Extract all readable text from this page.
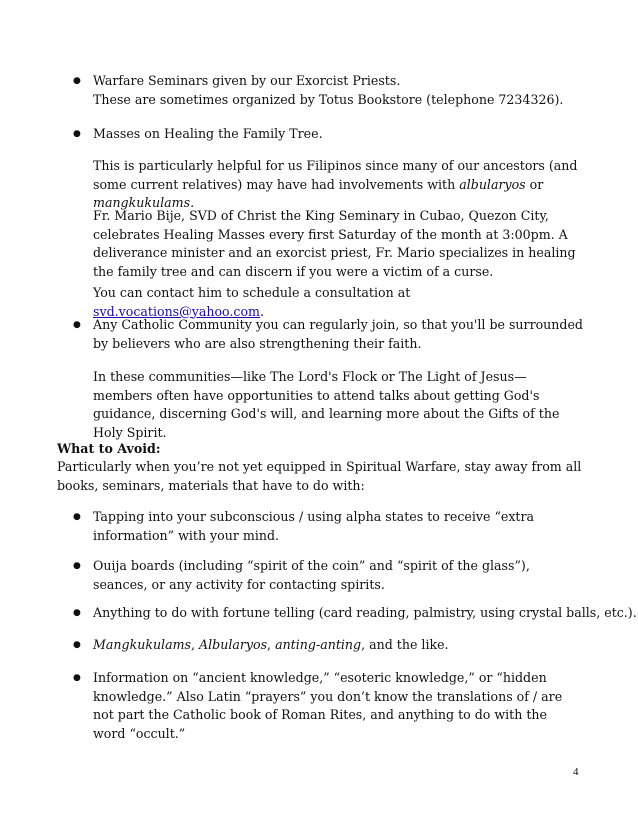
● Warfare Seminars given by our Exorcist Priests.

These are sometimes organized by Totus Bookstore (telephone 7234326).

● Masses on Healing the Family Tree.

This is particularly helpful for us Filipinos since many of our ancestors (and some current relatives) may have had involvements with albularyos or mangkukulams.

Fr. Mario Bije, SVD of Christ the King Seminary in Cubao, Quezon City, celebrates Healing Masses every first Saturday of the month at 3:00pm. A deliverance minister and an exorcist priest, Fr. Mario specializes in healing the family tree and can discern if you were a victim of a curse.

You can contact him to schedule a consultation at svd.vocations@yahoo.com.

● Any Catholic Community you can regularly join, so that you'll be surrounded by believers who are also strengthening their faith.

In these communities—like The Lord's Flock or The Light of Jesus—members often have opportunities to attend talks about getting God's guidance, discerning God's will, and learning more about the Gifts of the Holy Spirit.

What to Avoid:

Particularly when you’re not yet equipped in Spiritual Warfare, stay away from all books, seminars, materials that have to do with:

● Tapping into your subconscious / using alpha states to receive “extra information” with your mind.

● Ouija boards (including “spirit of the coin” and “spirit of the glass”), seances, or any activity for contacting spirits.

● Anything to do with fortune telling (card reading, palmistry, using crystal balls, etc.).

● Mangkukulams, Albularyos, anting-anting, and the like.

● Information on “ancient knowledge,” “esoteric knowledge,” or “hidden knowledge.” Also Latin “prayers” you don’t know the translations of / are not part the Catholic book of Roman Rites, and anything to do with the word “occult.”

4
